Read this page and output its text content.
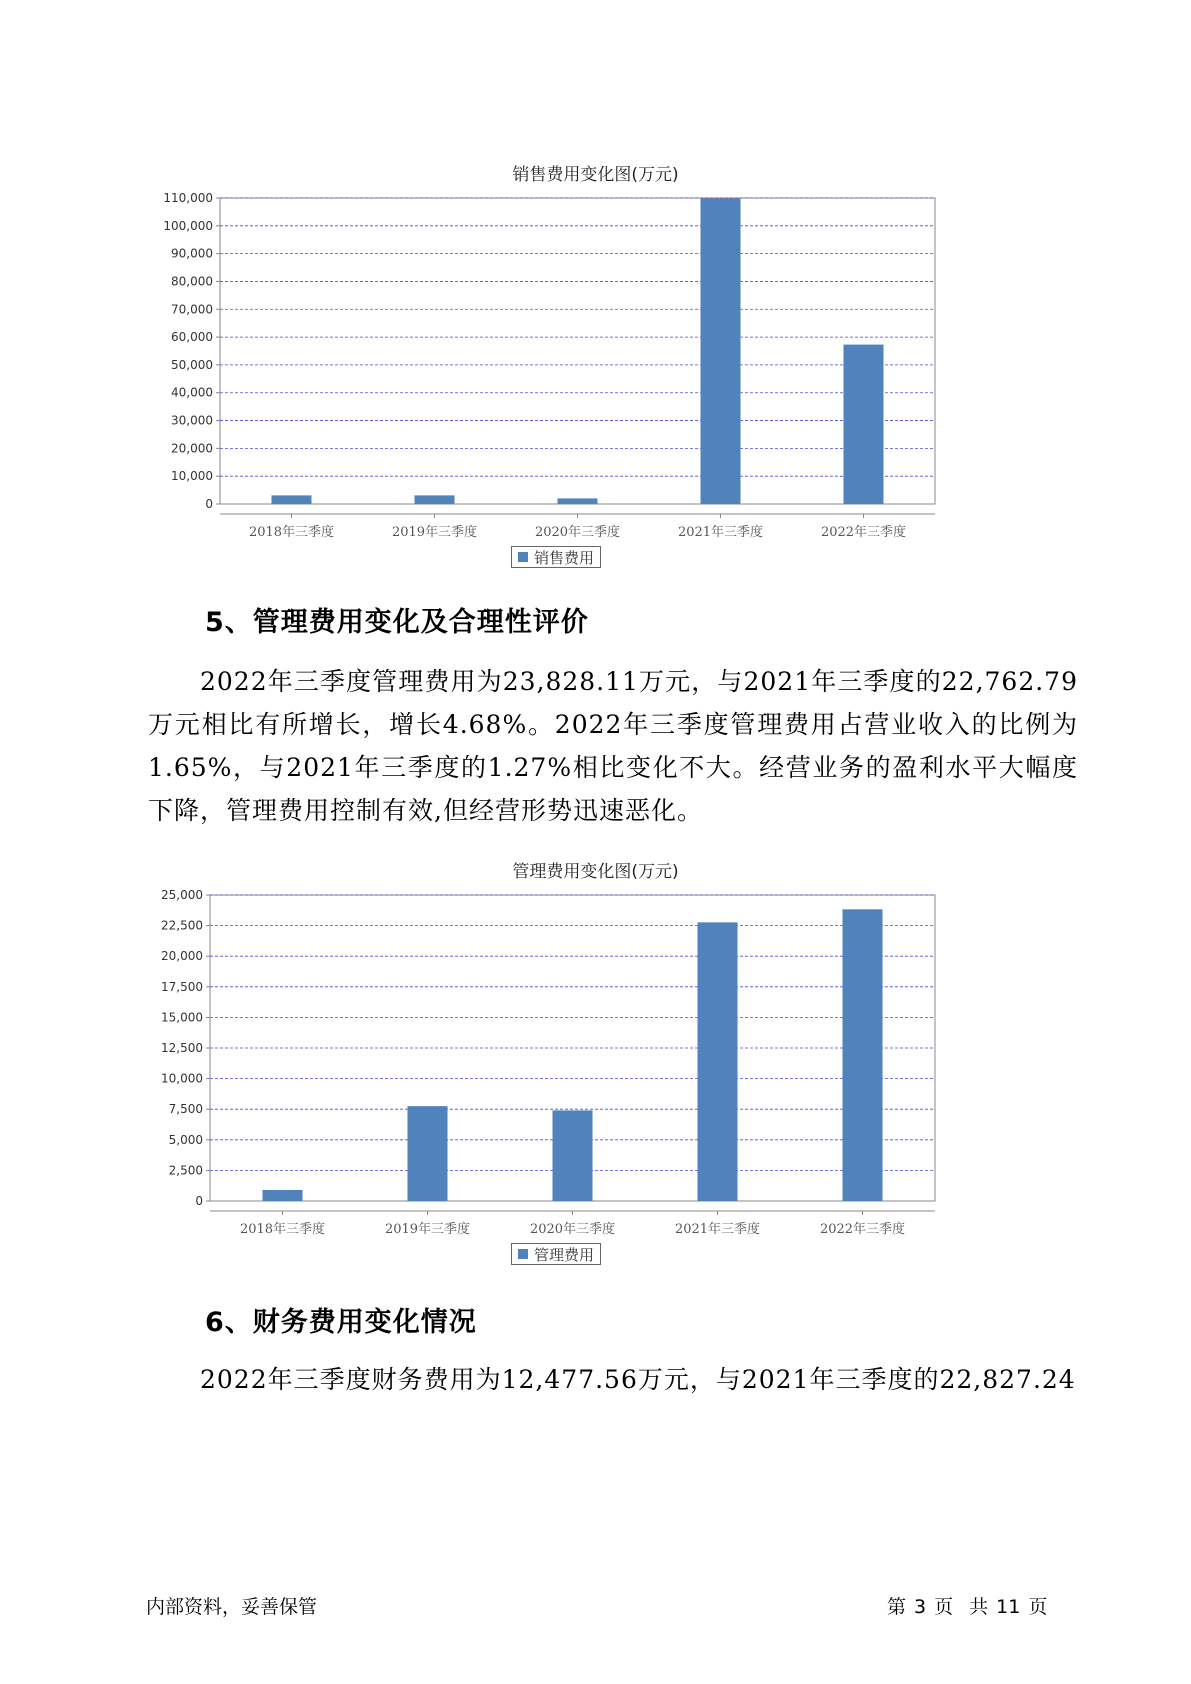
销售费用变化图(万元)
0
10,000
20,000
30,000
40,000
50,000
60,000
70,000
80,000
90,000
100,000
110,000
2018年三季度	2019年三季度	2020年三季度	2021年三季度	2022年三季度
销售费用
5、管理费用变化及合理性评价

2022年三季度管理费用为23,828.11万元，与2021年三季度的22,762.79万元相比有所增长，增长4.68%。2022年三季度管理费用占营业收入的比例为1.65%，与2021年三季度的1.27%相比变化不大。经营业务的盈利水平大幅度下降，管理费用控制有效,但经营形势迅速恶化。

管理费用变化图(万元)
0
2,500
5,000
7,500
10,000
12,500
15,000
17,500
20,000
22,500
25,000
2018年三季度	2019年三季度	2020年三季度	2021年三季度	2022年三季度
管理费用
6、财务费用变化情况

2022年三季度财务费用为12,477.56万元，与2021年三季度的22,827.24

内部资料，妥善保管	第 3 页 共 11 页
